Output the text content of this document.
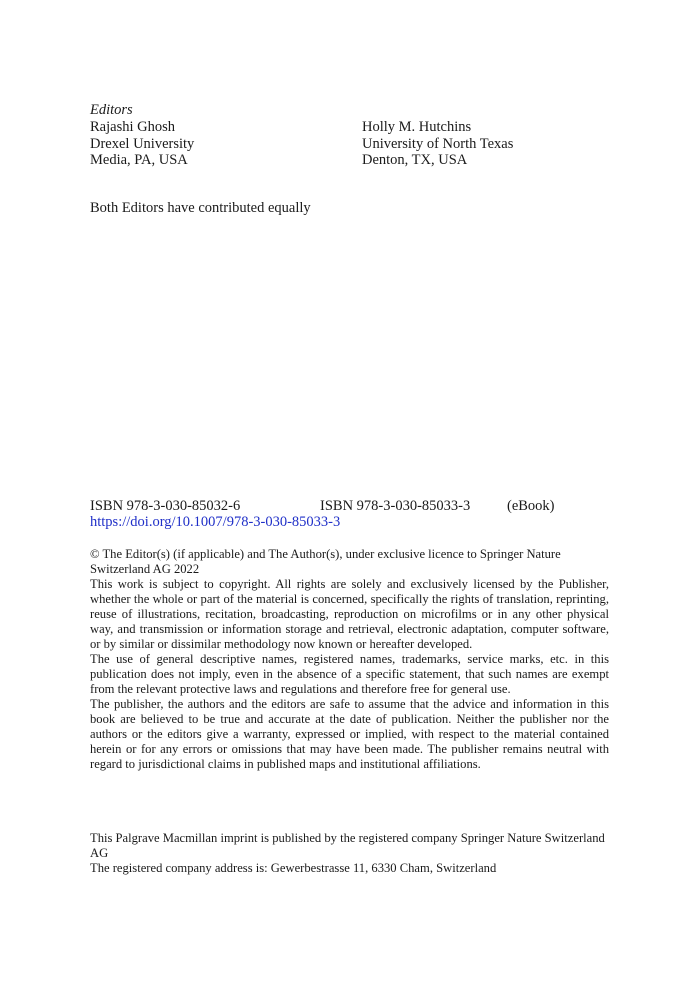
Editors
Rajashi Ghosh
Drexel University
Media, PA, USA
Holly M. Hutchins
University of North Texas
Denton, TX, USA
Both Editors have contributed equally
ISBN 978-3-030-85032-6	ISBN 978-3-030-85033-3	(eBook)
https://doi.org/10.1007/978-3-030-85033-3

© The Editor(s) (if applicable) and The Author(s), under exclusive licence to Springer Nature Switzerland AG 2022

This work is subject to copyright. All rights are solely and exclusively licensed by the Publisher, whether the whole or part of the material is concerned, specifically the rights of translation, reprinting, reuse of illustrations, recitation, broadcasting, reproduction on microfilms or in any other physical way, and transmission or information storage and retrieval, electronic adaptation, computer software, or by similar or dissimilar methodology now known or hereafter developed.

The use of general descriptive names, registered names, trademarks, service marks, etc. in this publication does not imply, even in the absence of a specific statement, that such names are exempt from the relevant protective laws and regulations and therefore free for general use.

The publisher, the authors and the editors are safe to assume that the advice and information in this book are believed to be true and accurate at the date of publication. Neither the publisher nor the authors or the editors give a warranty, expressed or implied, with respect to the material contained herein or for any errors or omissions that may have been made. The publisher remains neutral with regard to jurisdictional claims in published maps and institutional affiliations.

This Palgrave Macmillan imprint is published by the registered company Springer Nature Switzerland AG

The registered company address is: Gewerbestrasse 11, 6330 Cham, Switzerland
